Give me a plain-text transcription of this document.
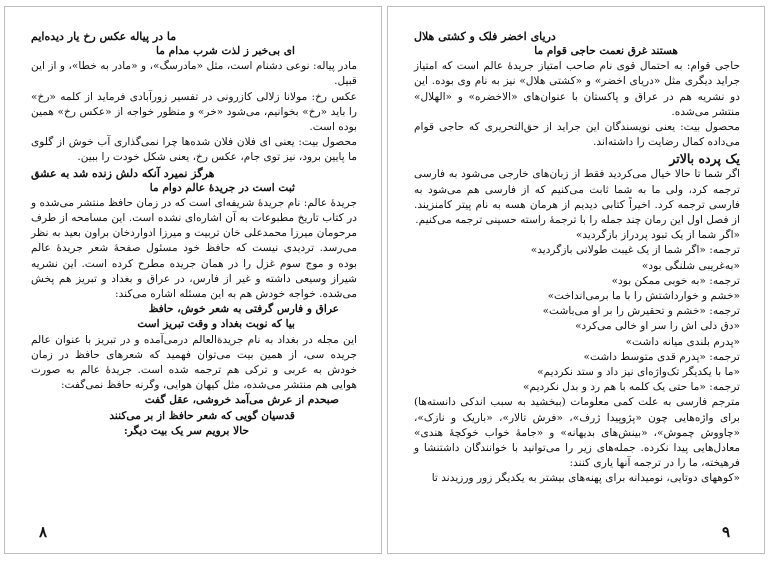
ما در پیاله عکس رخ یار دیده‌ایم

ای بی‌خبر ز لذت شرب مدام ما

مادر پیاله: نوعی دشنام است، مثل «مادرسگ»، و «مادر به خطا»، و از این قبیل.

عکس رخ: مولانا زلالی کازرونی در تفسیر زورآبادی فرماید از کلمه «رخ» را باید «رخ» بخوانیم، می‌شود «خر» و منظور خواجه از «عکس رخ» همین بوده است.

محصول بیت: یعنی ای فلان فلان شده‌ها چرا نمی‌گذاری آب خوش از گلوی ما پایین برود، نیز توی جام، عکس رخ، یعنی شکل خودت را ببین.

هرگز نمیرد آنکه دلش زنده شد به عشق

ثبت است در جریدهٔ عالم دوام ما

جریدهٔ عالم: نام جریدهٔ شریفه‌ای است که در زمان حافظ منتشر می‌شده و در کتاب تاریخ مطبوعات به آن اشاره‌ای نشده است. این مسامحه از طرف مرحومان میرزا محمدعلی خان تربیت و میرزا ادوارد‌خان براون بعید به نظر می‌رسد. تردیدی نیست که حافظ خود مسئول صفحهٔ شعر جریدهٔ عالم بوده و موج سوم غزل را در همان جریده مطرح کرده است. این نشریه شیراز وسیعی داشته و غیر از فارس، در عراق و بغداد و تبریز هم پخش می‌شده. خواجه خودش هم به این مسئله اشاره می‌کند:

عراق و فارس گرفتی به شعر خوش، حافظ

بیا که نوبت بغداد و وقت تبریز است

این مجله در بغداد به نام جریدة‌العالم درمی‌آمده و در تبریز با عنوان عالم جریده سی، از همین بیت می‌توان فهمید که شعرهای حافظ در زمان خودش به عربی و ترکی هم ترجمه شده است. جریدهٔ عالم به صورت هوایی هم منتشر می‌شده، مثل کیهان هوایی، وگرنه حافظ نمی‌گفت:

صبحدم از عرش می‌آمد خروشی، عقل گفت

قدسیان گویی که شعر حافظ از بر می‌کنند

حالا برویم سر یک بیت دیگر:

۸

دریای اخضر فلک و کشتی هلال

هستند غرق نعمت حاجی قوام ما

حاجی قوام: به احتمال قوی نام صاحب امتیاز جریدهٔ عالم است که امتیاز جراید دیگری مثل «دریای اخضر» و «کشتی هلال» نیز به نام وی بوده. این دو نشریه هم در عراق و پاکستان با عنوان‌های «الاخضره» و «الهلال» منتشر می‌شده.

محصول بیت: یعنی نویسندگان این جراید از حق‌التحریری که حاجی قوام می‌داده کمال رضایت را داشته‌اند.

یک پرده بالاتر

اگر شما تا حالا خیال می‌کردید فقط از زبان‌های خارجی می‌شود به فارسی ترجمه کرد، ولی ما به شما ثابت می‌کنیم که از فارسی هم می‌شود به فارسی ترجمه کرد. اخیراً کتابی دیدیم از هرمان هسه به نام پیتر کامنزیند. از فصل اول این رمان چند جمله را با ترجمهٔ راسته حسینی ترجمه می‌کنیم.

«اگر شما از یک تبود پردراز بازگردید»

ترجمه: «اگر شما از یک غیبت طولانی بازگردید»

«به‌غریبی شلنگی بود»

ترجمه: «به خوبی ممکن بود»

«خشم و خوارداشتش را با ما برمی‌انداخت»

ترجمه: «خشم و تحقیرش را بر او می‌باشت»

«دق دلی اش را سر او خالی می‌کرد»

«پدرم بلندی میانه داشت»

ترجمه: «پدرم قدی متوسط داشت»

«ما با یکدیگر تک‌واژه‌ای نیز داد و ستد نکردیم»

ترجمه: «ما حتی یک کلمه با هم رد و بدل نکردیم»

مترجم فارسی به علت کمی معلومات (ببخشید به سبب اندکی دانسته‌ها) برای واژه‌هایی چون «پژوپیدا ژرف»، «فرش تالار»، «باریک و نازک»، «چاووش چموش»، «بینش‌های بدیهانه» و «جامهٔ خواب خوکچهٔ هندی» معادل‌هایی پیدا نکرده. جمله‌های زیر را می‌توانید با خوانندگان داشتنشا و فرهیخته، ما را در ترجمه آنها یاری کنند:

«کوههای دوتایی، نومیدانه برای پهنه‌های بیشتر به یکدیگر زور ورزیدند تا

۹
